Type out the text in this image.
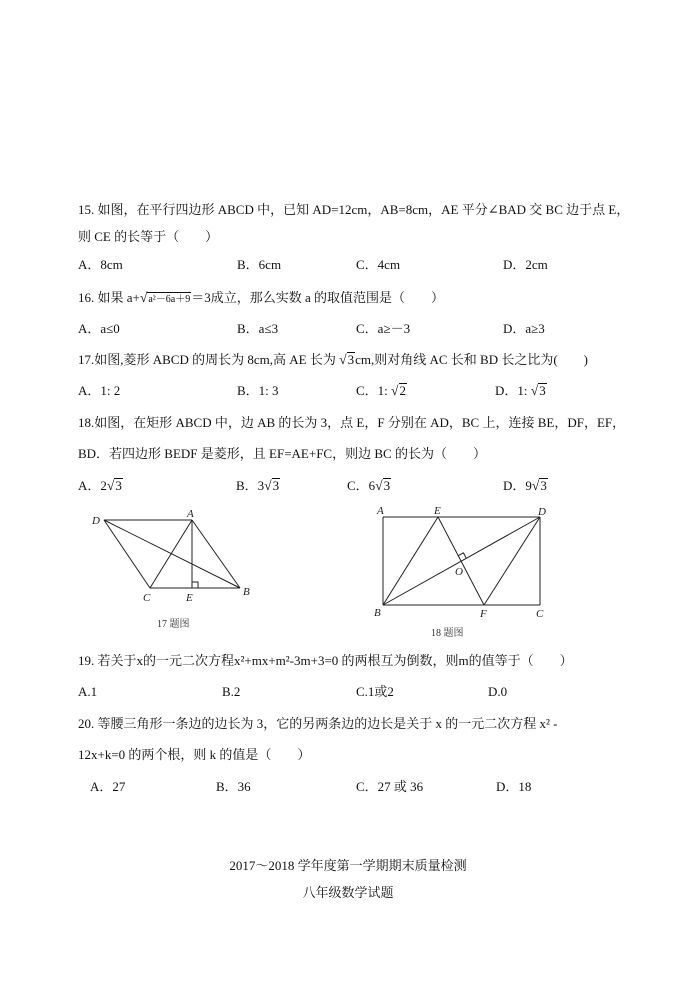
15. 如图，在平行四边形 ABCD 中，已知 AD=12cm，AB=8cm，AE 平分∠BAD 交 BC 边于点 E，
则 CE 的长等于（　　）
A．8cm	B．6cm	C．4cm	D．2cm
16. 如果 a+√a²－6a＋9＝3成立，那么实数 a 的取值范围是（　　）
A．a≤0	B．a≤3	C．a≥－3	D．a≥3
17.如图,菱形 ABCD 的周长为 8cm,高 AE 长为 √3cm,则对角线 AC 长和 BD 长之比为(　　)
A．1: 2	B．1: 3	C．1: √2	D．1: √3
18.如图，在矩形 ABCD 中，边 AB 的长为 3，点 E，F 分别在 AD，BC 上，连接 BE，DF，EF，
BD．若四边形 BEDF 是菱形，且 EF=AE+FC，则边 BC 的长为（　　）
A．2√3	B．3√3	C．6√3	D．9√3
D
A
C	E	B
17 题图
A	E	D
O
B	F	C
18 题图
19. 若关于x的一元二次方程x²+mx+m²-3m+3=0 的两根互为倒数，则m的值等于（　　）
A.1	B.2	C.1或2	D.0
20. 等腰三角形一条边的边长为 3，它的另两条边的边长是关于 x 的一元二次方程 x² -
12x+k=0 的两个根，则 k 的值是（　　）
A．27	B．36	C．27 或 36	D．18
2017～2018 学年度第一学期期末质量检测
八年级数学试题
